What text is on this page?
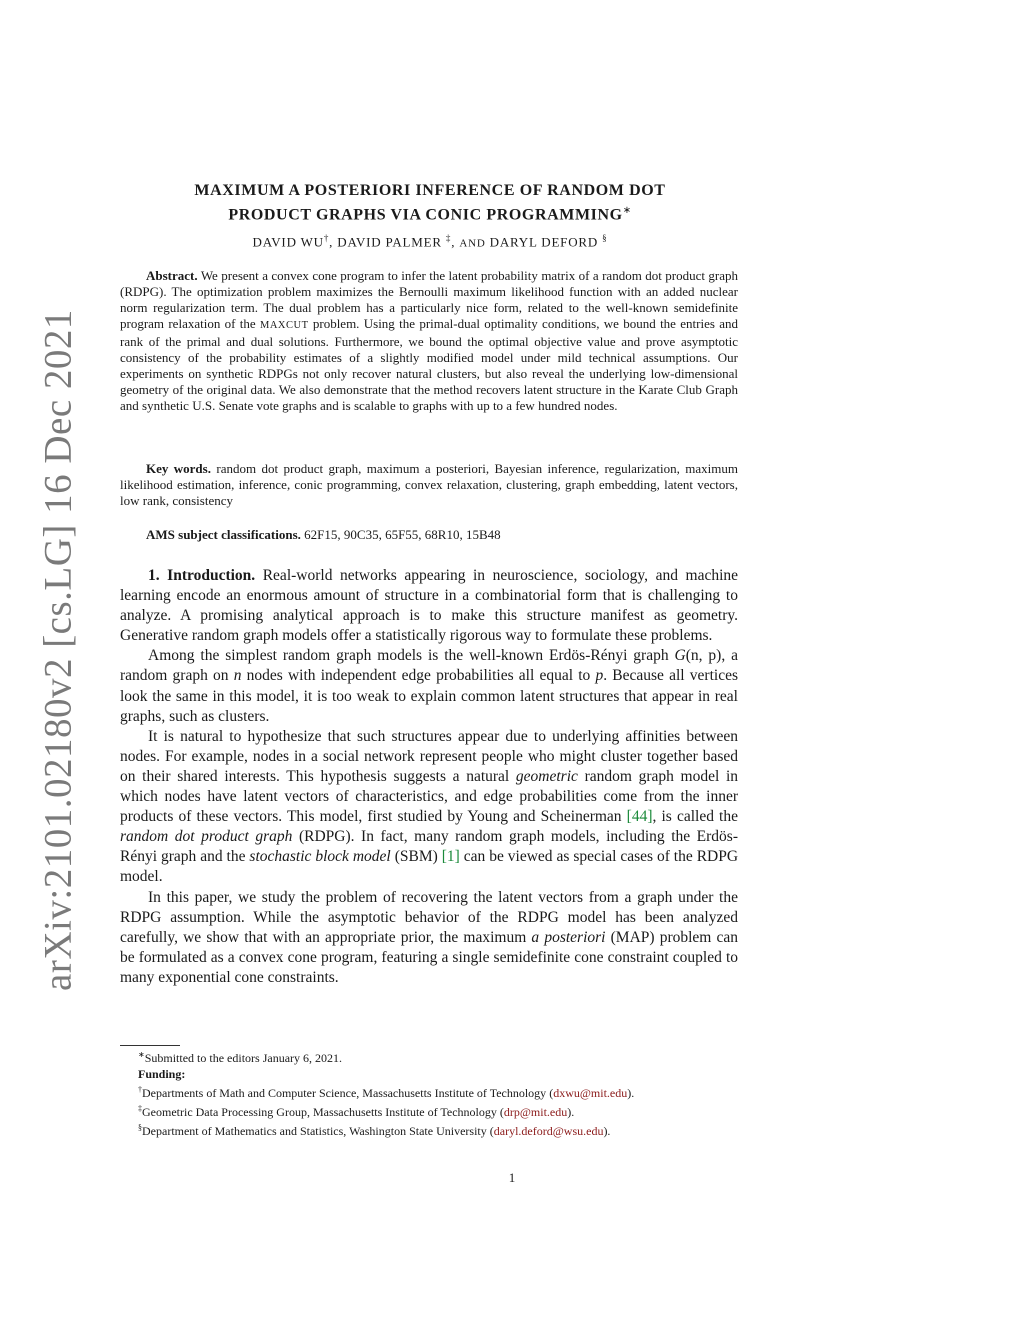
arXiv:2101.02180v2 [cs.LG] 16 Dec 2021
MAXIMUM A POSTERIORI INFERENCE OF RANDOM DOT
PRODUCT GRAPHS VIA CONIC PROGRAMMING∗
DAVID WU†, DAVID PALMER ‡, AND DARYL DEFORD §
Abstract. We present a convex cone program to infer the latent probability matrix of a random dot product graph (RDPG). The optimization problem maximizes the Bernoulli maximum likelihood function with an added nuclear norm regularization term. The dual problem has a particularly nice form, related to the well-known semidefinite program relaxation of the MAXCUT problem. Using the primal-dual optimality conditions, we bound the entries and rank of the primal and dual solutions. Furthermore, we bound the optimal objective value and prove asymptotic consistency of the probability estimates of a slightly modified model under mild technical assumptions. Our experiments on synthetic RDPGs not only recover natural clusters, but also reveal the underlying low-dimensional geometry of the original data. We also demonstrate that the method recovers latent structure in the Karate Club Graph and synthetic U.S. Senate vote graphs and is scalable to graphs with up to a few hundred nodes.
Key words. random dot product graph, maximum a posteriori, Bayesian inference, regularization, maximum likelihood estimation, inference, conic programming, convex relaxation, clustering, graph embedding, latent vectors, low rank, consistency
AMS subject classifications. 62F15, 90C35, 65F55, 68R10, 15B48

1. Introduction. Real-world networks appearing in neuroscience, sociology, and machine learning encode an enormous amount of structure in a combinatorial form that is challenging to analyze. A promising analytical approach is to make this structure manifest as geometry. Generative random graph models offer a statistically rigorous way to formulate these problems.

Among the simplest random graph models is the well-known Erdös-Rényi graph G(n, p), a random graph on n nodes with independent edge probabilities all equal to p. Because all vertices look the same in this model, it is too weak to explain common latent structures that appear in real graphs, such as clusters.

It is natural to hypothesize that such structures appear due to underlying affinities between nodes. For example, nodes in a social network represent people who might cluster together based on their shared interests. This hypothesis suggests a natural geometric random graph model in which nodes have latent vectors of characteristics, and edge probabilities come from the inner products of these vectors. This model, first studied by Young and Scheinerman [44], is called the random dot product graph (RDPG). In fact, many random graph models, including the Erdös-Rényi graph and the stochastic block model (SBM) [1] can be viewed as special cases of the RDPG model.

In this paper, we study the problem of recovering the latent vectors from a graph under the RDPG assumption. While the asymptotic behavior of the RDPG model has been analyzed carefully, we show that with an appropriate prior, the maximum a posteriori (MAP) problem can be formulated as a convex cone program, featuring a single semidefinite cone constraint coupled to many exponential cone constraints.

∗Submitted to the editors January 6, 2021.
Funding:
†Departments of Math and Computer Science, Massachusetts Institute of Technology (dxwu@mit.edu).
‡Geometric Data Processing Group, Massachusetts Institute of Technology (drp@mit.edu).
§Department of Mathematics and Statistics, Washington State University (daryl.deford@wsu.edu).
1
